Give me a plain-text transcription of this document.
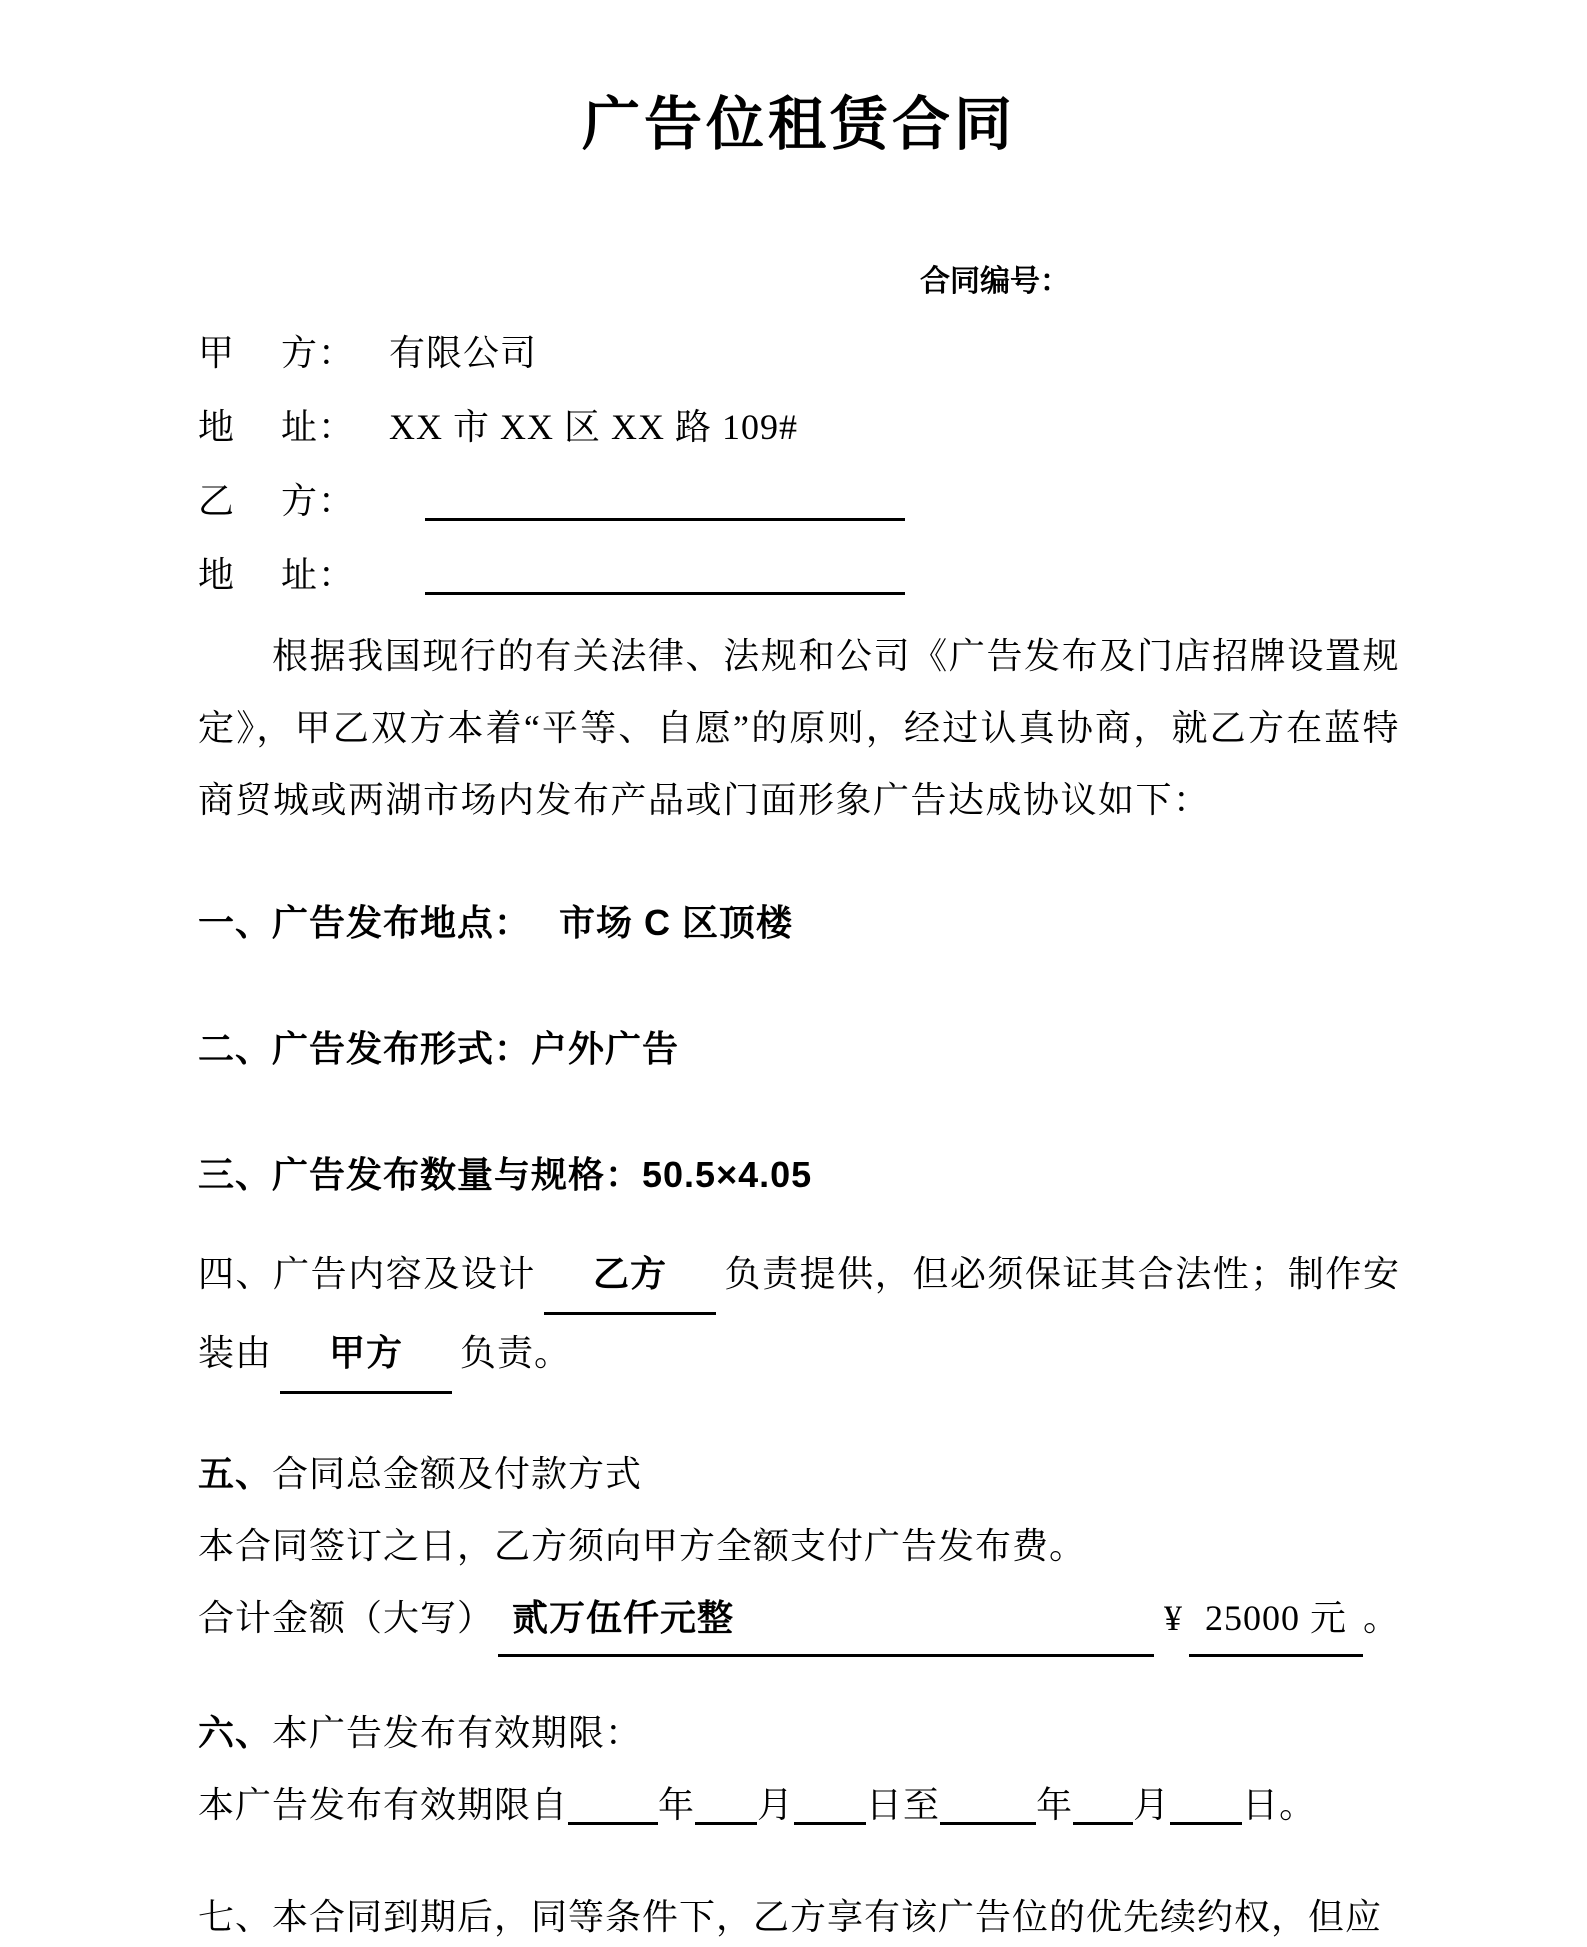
广告位租赁合同
合同编号：
甲 方 ： 有限公司
地 址 ： XX 市 XX 区 XX 路 109#
乙 方 ：
地 址 ：
根据我国现行的有关法律、法规和公司《广告发布及门店招牌设置规定》，甲乙双方本着“平等、自愿”的原则，经过认真协商，就乙方在蓝特商贸城或两湖市场内发布产品或门面形象广告达成协议如下：
一、广告发布地点： 市场 C 区顶楼
二、广告发布形式：户外广告
三、广告发布数量与规格：50.5×4.05
四、广告内容及设计 乙方 负责提供，但必须保证其合法性；制作安装由 甲方 负责。
五、合同总金额及付款方式
本合同签订之日，乙方须向甲方全额支付广告发布费。
合计金额（大写） 贰万伍仟元整	¥ 25000 元 。
六、本广告发布有效期限：
本广告发布有效期限自	年 月 日至	年 月 日。
七、本合同到期后，同等条件下，乙方享有该广告位的优先续约权，但应
